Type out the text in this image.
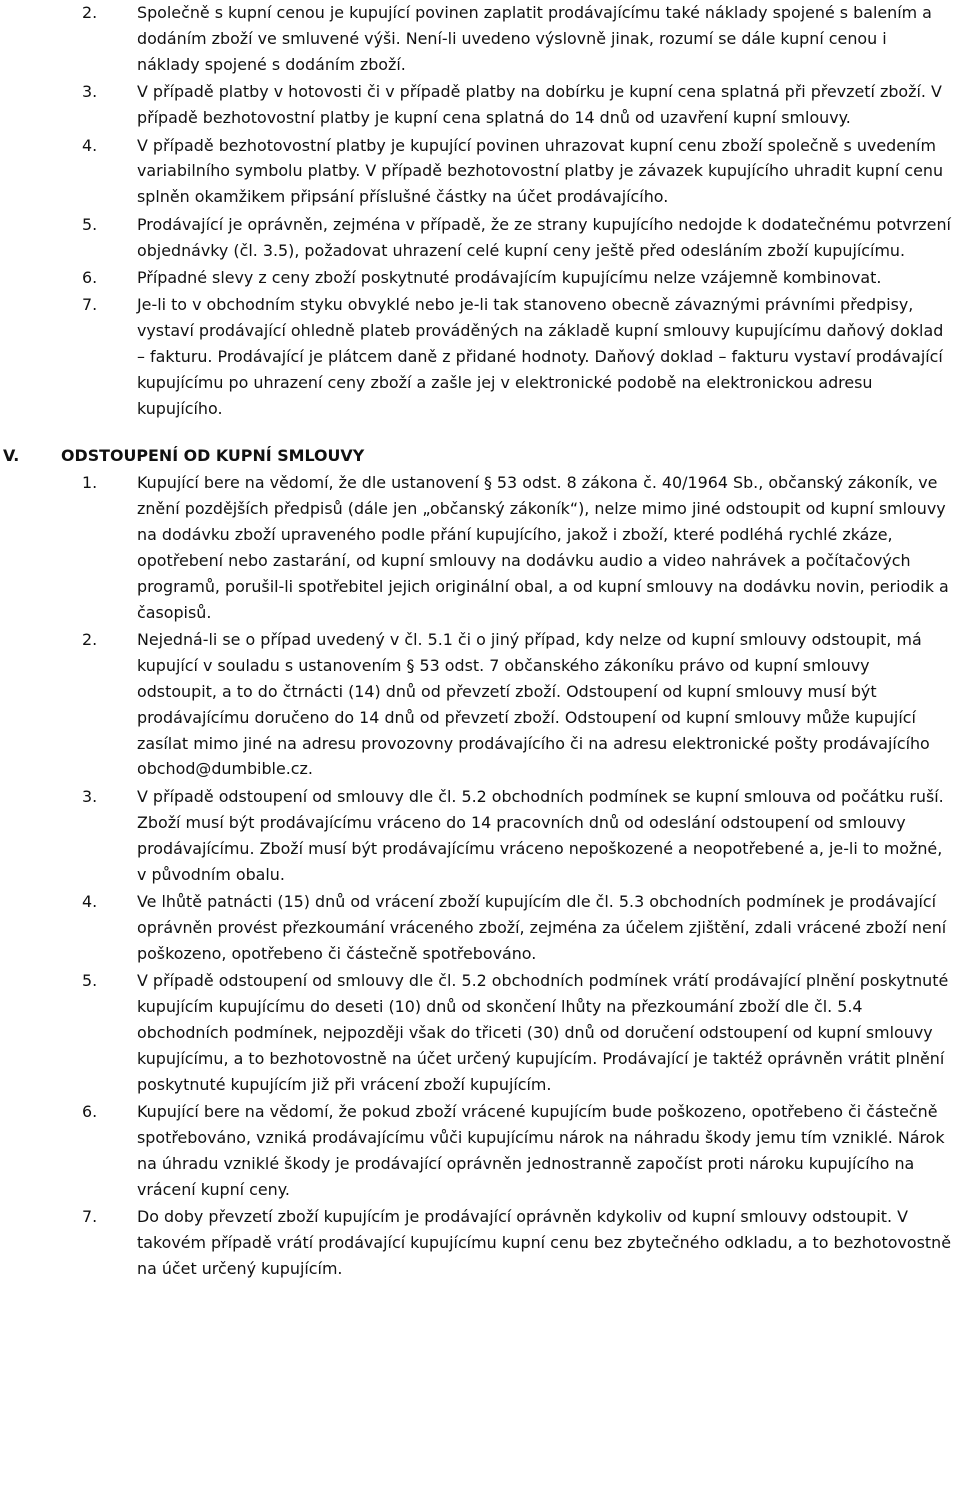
2.	Společně s kupní cenou je kupující povinen zaplatit prodávajícímu také náklady spojené s balením a dodáním zboží ve smluvené výši. Není-li uvedeno výslovně jinak, rozumí se dále kupní cenou i náklady spojené s dodáním zboží.

3.	V případě platby v hotovosti či v případě platby na dobírku je kupní cena splatná při převzetí zboží. V případě bezhotovostní platby je kupní cena splatná do 14 dnů od uzavření kupní smlouvy.

4.	V případě bezhotovostní platby je kupující povinen uhrazovat kupní cenu zboží společně s uvedením variabilního symbolu platby. V případě bezhotovostní platby je závazek kupujícího uhradit kupní cenu splněn okamžikem připsání příslušné částky na účet prodávajícího.

5.	Prodávající je oprávněn, zejména v případě, že ze strany kupujícího nedojde k dodatečnému potvrzení objednávky (čl. 3.5), požadovat uhrazení celé kupní ceny ještě před odesláním zboží kupujícímu.

6.	Případné slevy z ceny zboží poskytnuté prodávajícím kupujícímu nelze vzájemně kombinovat.

7.	Je-li to v obchodním styku obvyklé nebo je-li tak stanoveno obecně závaznými právními předpisy, vystaví prodávající ohledně plateb prováděných na základě kupní smlouvy kupujícímu daňový doklad – fakturu. Prodávající je plátcem daně z přidané hodnoty. Daňový doklad – fakturu vystaví prodávající kupujícímu po uhrazení ceny zboží a zašle jej v elektronické podobě na elektronickou adresu kupujícího.

V.	ODSTOUPENÍ OD KUPNÍ SMLOUVY
1.	Kupující bere na vědomí, že dle ustanovení § 53 odst. 8 zákona č. 40/1964 Sb., občanský zákoník, ve znění pozdějších předpisů (dále jen „občanský zákoník“), nelze mimo jiné odstoupit od kupní smlouvy na dodávku zboží upraveného podle přání kupujícího, jakož i zboží, které podléhá rychlé zkáze, opotřebení nebo zastarání, od kupní smlouvy na dodávku audio a video nahrávek a počítačových programů, porušil-li spotřebitel jejich originální obal, a od kupní smlouvy na dodávku novin, periodik a časopisů.

2.	Nejedná-li se o případ uvedený v čl. 5.1 či o jiný případ, kdy nelze od kupní smlouvy odstoupit, má kupující v souladu s ustanovením § 53 odst. 7 občanského zákoníku právo od kupní smlouvy odstoupit, a to do čtrnácti (14) dnů od převzetí zboží. Odstoupení od kupní smlouvy musí být prodávajícímu doručeno do 14 dnů od převzetí zboží. Odstoupení od kupní smlouvy může kupující zasílat mimo jiné na adresu provozovny prodávajícího či na adresu elektronické pošty prodávajícího obchod@dumbible.cz.

3.	V případě odstoupení od smlouvy dle čl. 5.2 obchodních podmínek se kupní smlouva od počátku ruší. Zboží musí být prodávajícímu vráceno do 14 pracovních dnů od odeslání odstoupení od smlouvy prodávajícímu. Zboží musí být prodávajícímu vráceno nepoškozené a neopotřebené a, je-li to možné, v původním obalu.

4.	Ve lhůtě patnácti (15) dnů od vrácení zboží kupujícím dle čl. 5.3 obchodních podmínek je prodávající oprávněn provést přezkoumání vráceného zboží, zejména za účelem zjištění, zdali vrácené zboží není poškozeno, opotřebeno či částečně spotřebováno.

5.	V případě odstoupení od smlouvy dle čl. 5.2 obchodních podmínek vrátí prodávající plnění poskytnuté kupujícím kupujícímu do deseti (10) dnů od skončení lhůty na přezkoumání zboží dle čl. 5.4 obchodních podmínek, nejpozději však do třiceti (30) dnů od doručení odstoupení od kupní smlouvy kupujícímu, a to bezhotovostně na účet určený kupujícím. Prodávající je taktéž oprávněn vrátit plnění poskytnuté kupujícím již při vrácení zboží kupujícím.

6.	Kupující bere na vědomí, že pokud zboží vrácené kupujícím bude poškozeno, opotřebeno či částečně spotřebováno, vzniká prodávajícímu vůči kupujícímu nárok na náhradu škody jemu tím vzniklé. Nárok na úhradu vzniklé škody je prodávající oprávněn jednostranně započíst proti nároku kupujícího na vrácení kupní ceny.

7.	Do doby převzetí zboží kupujícím je prodávající oprávněn kdykoliv od kupní smlouvy odstoupit. V takovém případě vrátí prodávající kupujícímu kupní cenu bez zbytečného odkladu, a to bezhotovostně na účet určený kupujícím.
